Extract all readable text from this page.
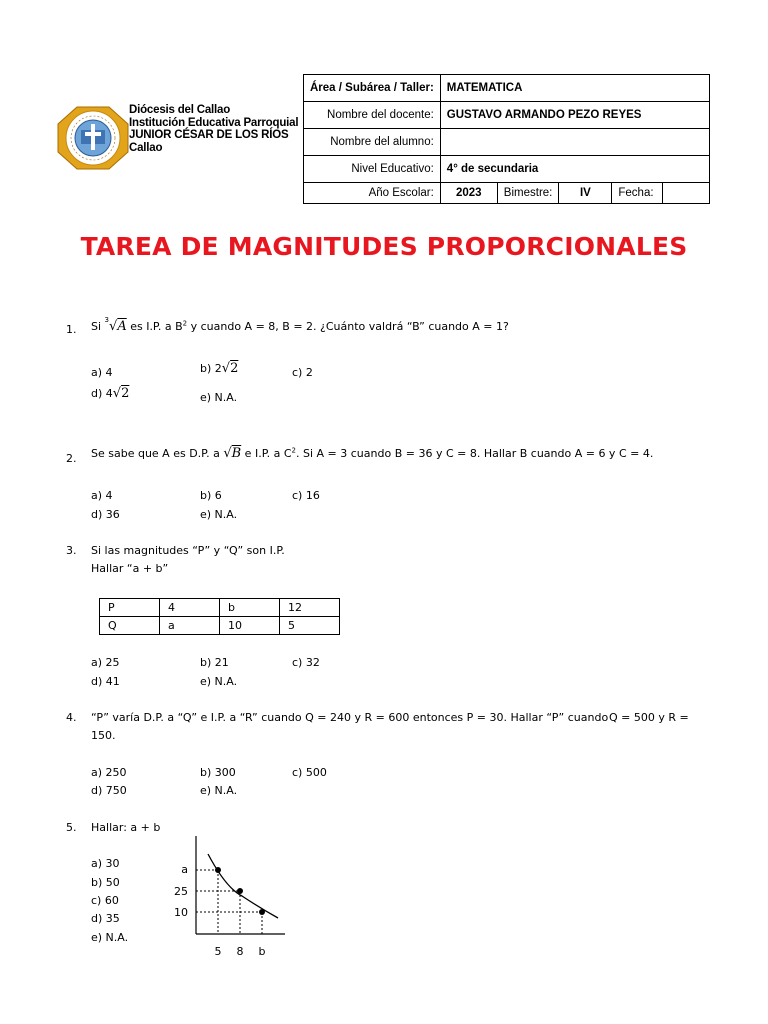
Diócesis del Callao
Institución Educativa Parroquial
JUNIOR CÉSAR DE LOS RÍOS
Callao
Área / Subárea / Taller:	MATEMATICA				
Nombre del docente:	GUSTAVO ARMANDO PEZO REYES				
Nombre del alumno:					
Nivel Educativo:	4° de secundaria				
Año Escolar:	2023	Bimestre:	IV	Fecha:	
TAREA DE MAGNITUDES PROPORCIONALES
1. Si $^3$√A es I.P. a $B^2$ y cuando A = 8, B = 2. ¿Cuánto valdrá “B” cuando A = 1?
a) 4	b) 2√2	c) 2
d) 4√2	e) N.A.
2. Se sabe que A es D.P. a √B e I.P. a $C^2$. Si A = 3 cuando B = 36 y C = 8. Hallar B cuando A = 6 y C = 4.
a) 4	b) 6	c) 16
d) 36	e) N.A.
3. Si las magnitudes “P” y “Q” son I.P.
Hallar “a + b”
P	4	b	12
Q	a	10	5
a) 25	b) 21	c) 32
d) 41	e) N.A.
4. “P” varía D.P. a “Q” e I.P. a “R” cuando Q = 240 y R = 600 entonces P = 30. Hallar “P” cuando Q = 500 y R =
150.
a) 250	b) 300	c) 500
d) 750	e) N.A.
5. Hallar: a + b
a) 30
b) 50
c) 60
d) 35
e) N.A.
a
25
10
5 8 b
